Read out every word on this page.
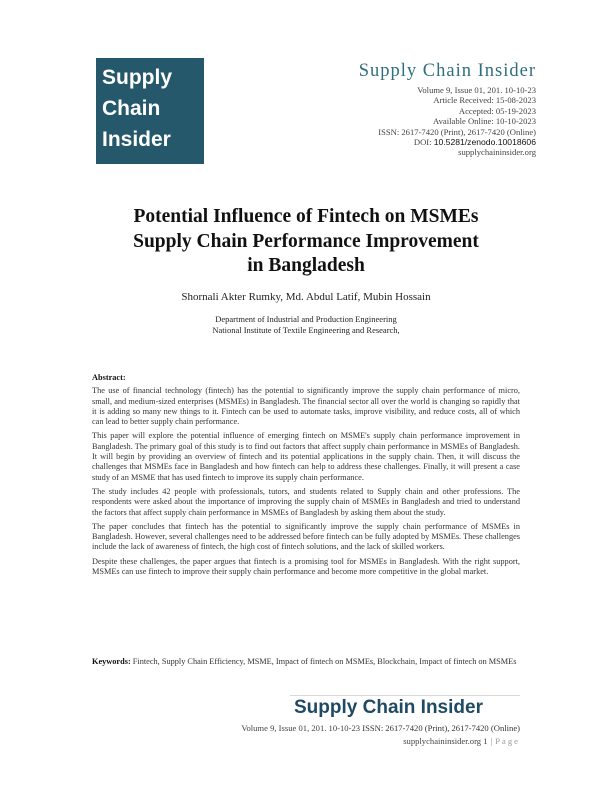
Supply
Chain
Insider
Supply Chain Insider
Volume 9, Issue 01, 201. 10-10-23
Article Received: 15-08-2023
Accepted: 05-19-2023
Available Online: 10-10-2023
ISSN: 2617-7420 (Print), 2617-7420 (Online)
DOI: 10.5281/zenodo.10018606
supplychaininsider.org
Potential Influence of Fintech on MSMEs
Supply Chain Performance Improvement
in Bangladesh
Shornali Akter Rumky, Md. Abdul Latif, Mubin Hossain
Department of Industrial and Production Engineering
National Institute of Textile Engineering and Research,
Abstract:

The use of financial technology (fintech) has the potential to significantly improve the supply chain performance of micro, small, and medium-sized enterprises (MSMEs) in Bangladesh. The financial sector all over the world is changing so rapidly that it is adding so many new things to it. Fintech can be used to automate tasks, improve visibility, and reduce costs, all of which can lead to better supply chain performance.

This paper will explore the potential influence of emerging fintech on MSME's supply chain performance improvement in Bangladesh. The primary goal of this study is to find out factors that affect supply chain performance in MSMEs of Bangladesh. It will begin by providing an overview of fintech and its potential applications in the supply chain. Then, it will discuss the challenges that MSMEs face in Bangladesh and how fintech can help to address these challenges. Finally, it will present a case study of an MSME that has used fintech to improve its supply chain performance.

The study includes 42 people with professionals, tutors, and students related to Supply chain and other professions. The respondents were asked about the importance of improving the supply chain of MSMEs in Bangladesh and tried to understand the factors that affect supply chain performance in MSMEs of Bangladesh by asking them about the study.

The paper concludes that fintech has the potential to significantly improve the supply chain performance of MSMEs in Bangladesh. However, several challenges need to be addressed before fintech can be fully adopted by MSMEs. These challenges include the lack of awareness of fintech, the high cost of fintech solutions, and the lack of skilled workers.

Despite these challenges, the paper argues that fintech is a promising tool for MSMEs in Bangladesh. With the right support, MSMEs can use fintech to improve their supply chain performance and become more competitive in the global market.

Keywords: Fintech, Supply Chain Efficiency, MSME, Impact of fintech on MSMEs, Blockchain, Impact of fintech on MSMEs
Supply Chain Insider
Volume 9, Issue 01, 201. 10-10-23 ISSN: 2617-7420 (Print), 2617-7420 (Online)
supplychaininsider.org 1 | Page
